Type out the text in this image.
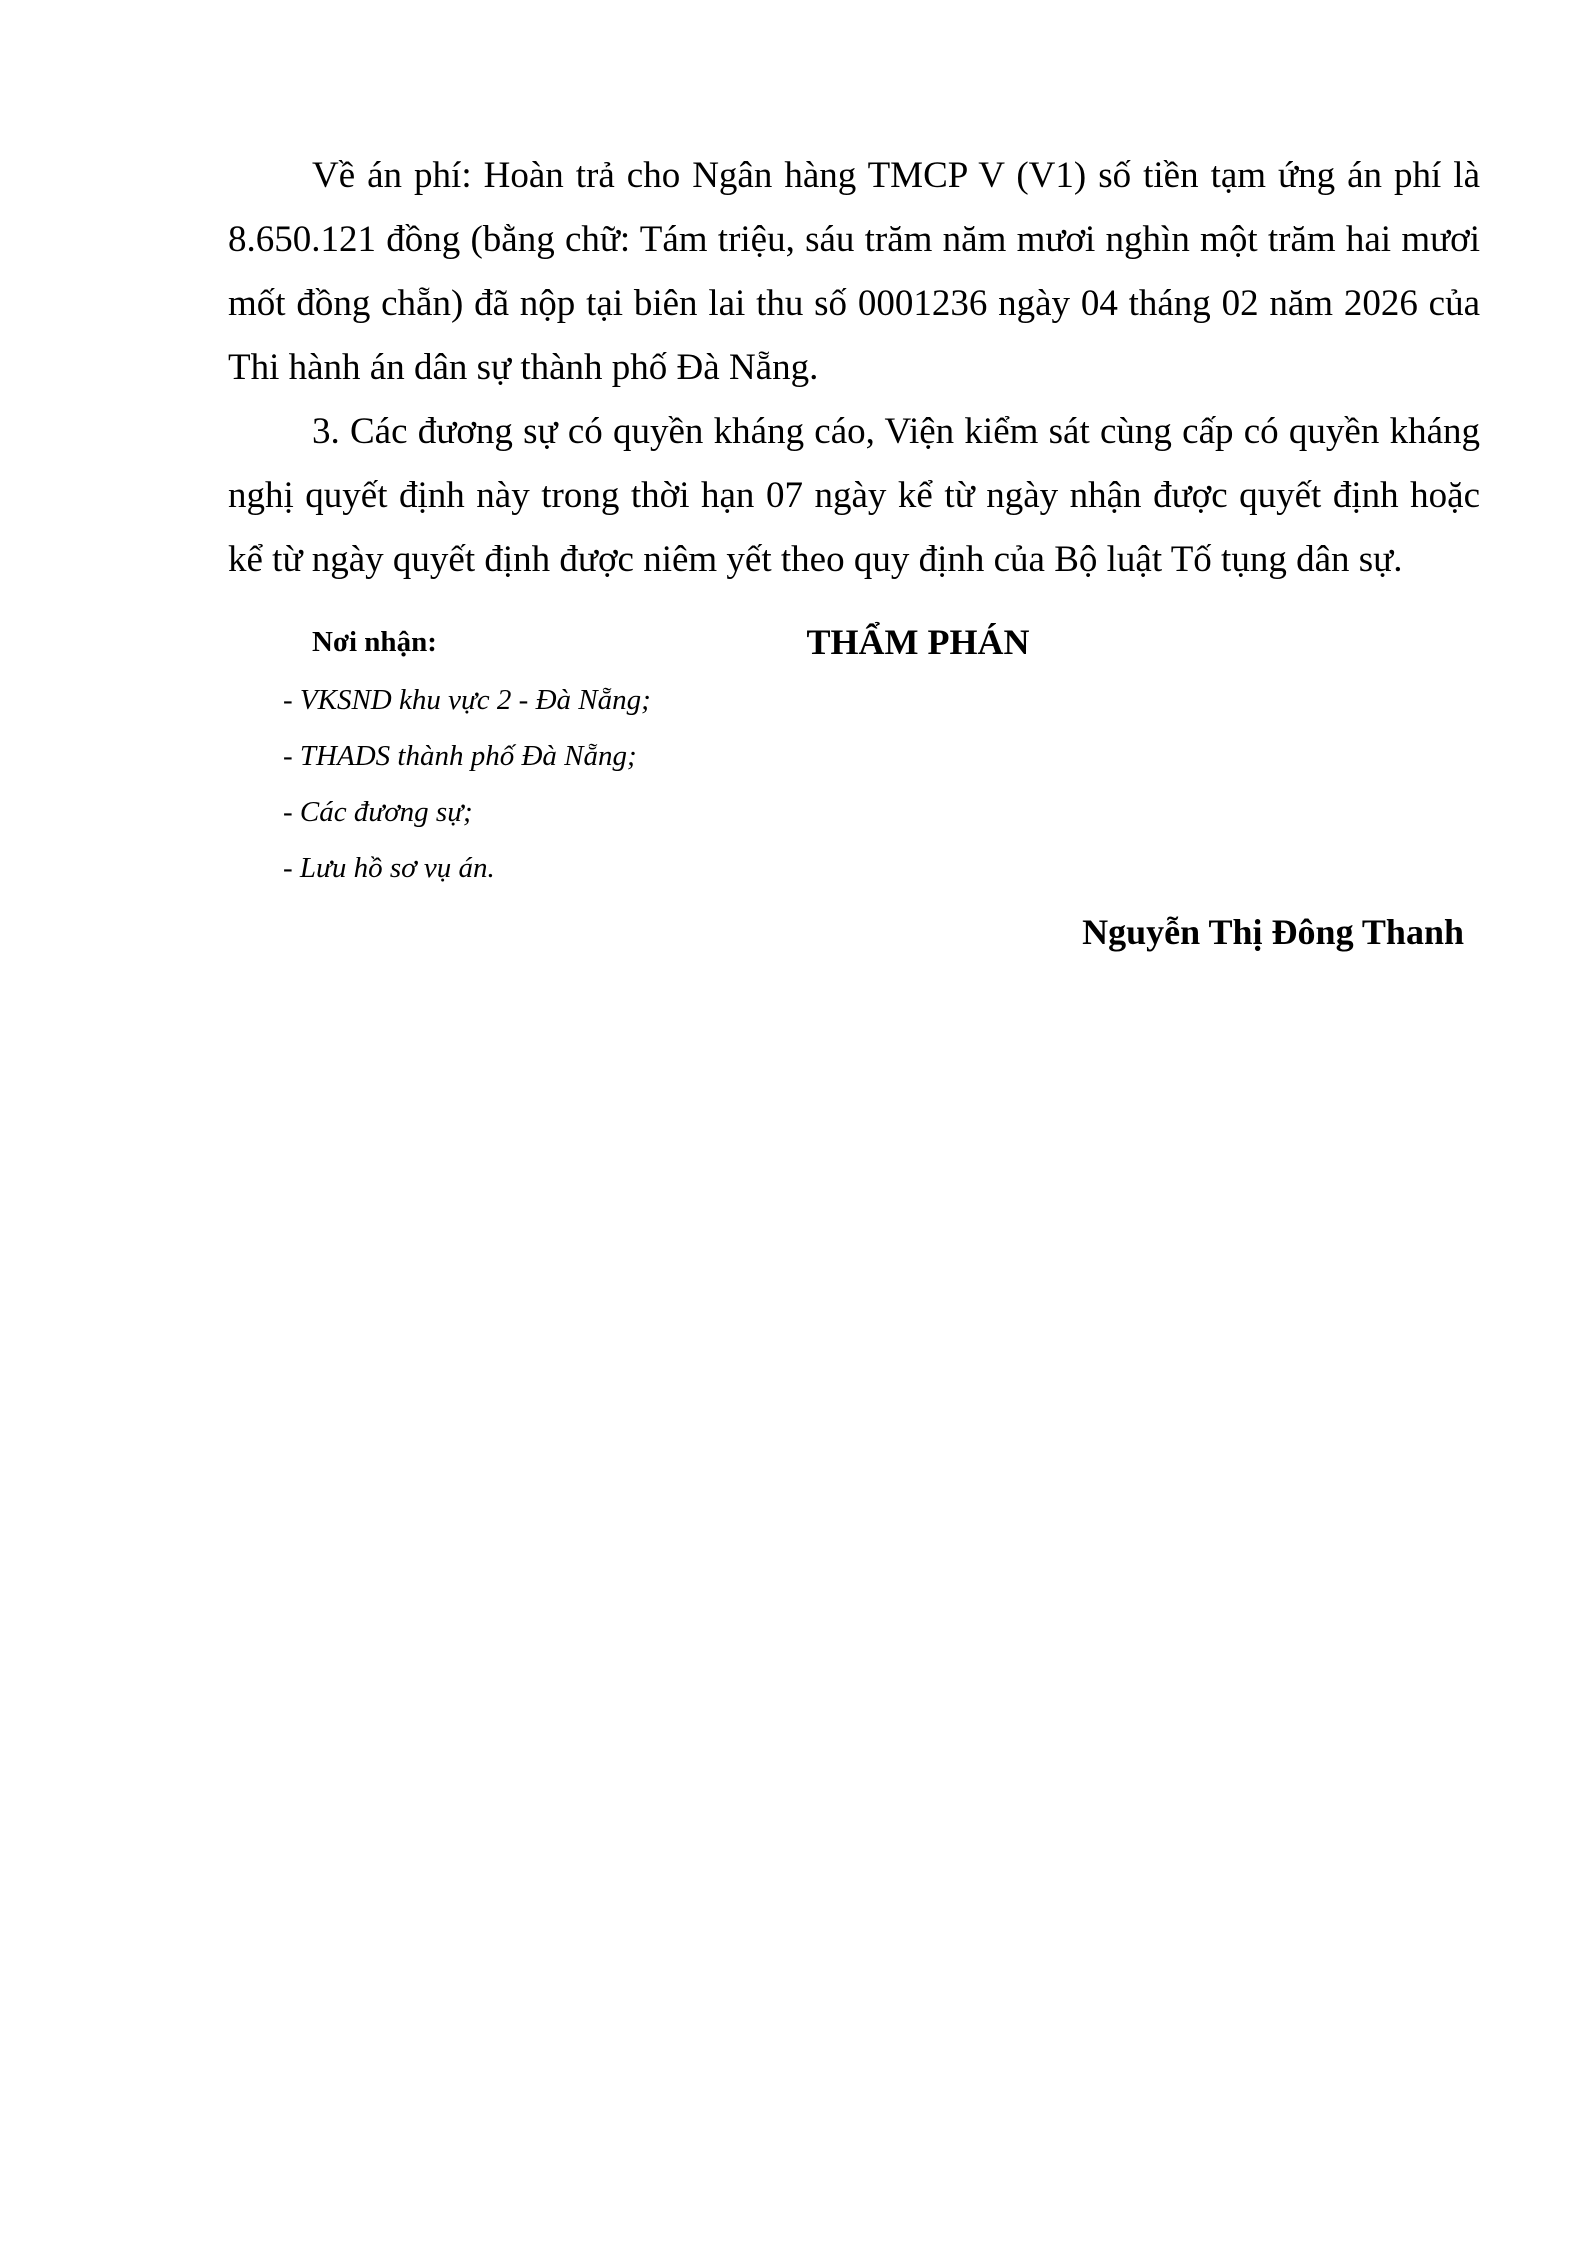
Về án phí: Hoàn trả cho Ngân hàng TMCP V (V1) số tiền tạm ứng án phí là 8.650.121 đồng (bằng chữ: Tám triệu, sáu trăm năm mươi nghìn một trăm hai mươi mốt đồng chẵn) đã nộp tại biên lai thu số 0001236 ngày 04 tháng 02 năm 2026 của Thi hành án dân sự thành phố Đà Nẵng.

3. Các đương sự có quyền kháng cáo, Viện kiểm sát cùng cấp có quyền kháng nghị quyết định này trong thời hạn 07 ngày kể từ ngày nhận được quyết định hoặc kể từ ngày quyết định được niêm yết theo quy định của Bộ luật Tố tụng dân sự.

Nơi nhận:

- VKSND khu vực 2 - Đà Nẵng;
- THADS thành phố Đà Nẵng;
- Các đương sự;
- Lưu hồ sơ vụ án.
THẨM PHÁN
Nguyễn Thị Đông Thanh
